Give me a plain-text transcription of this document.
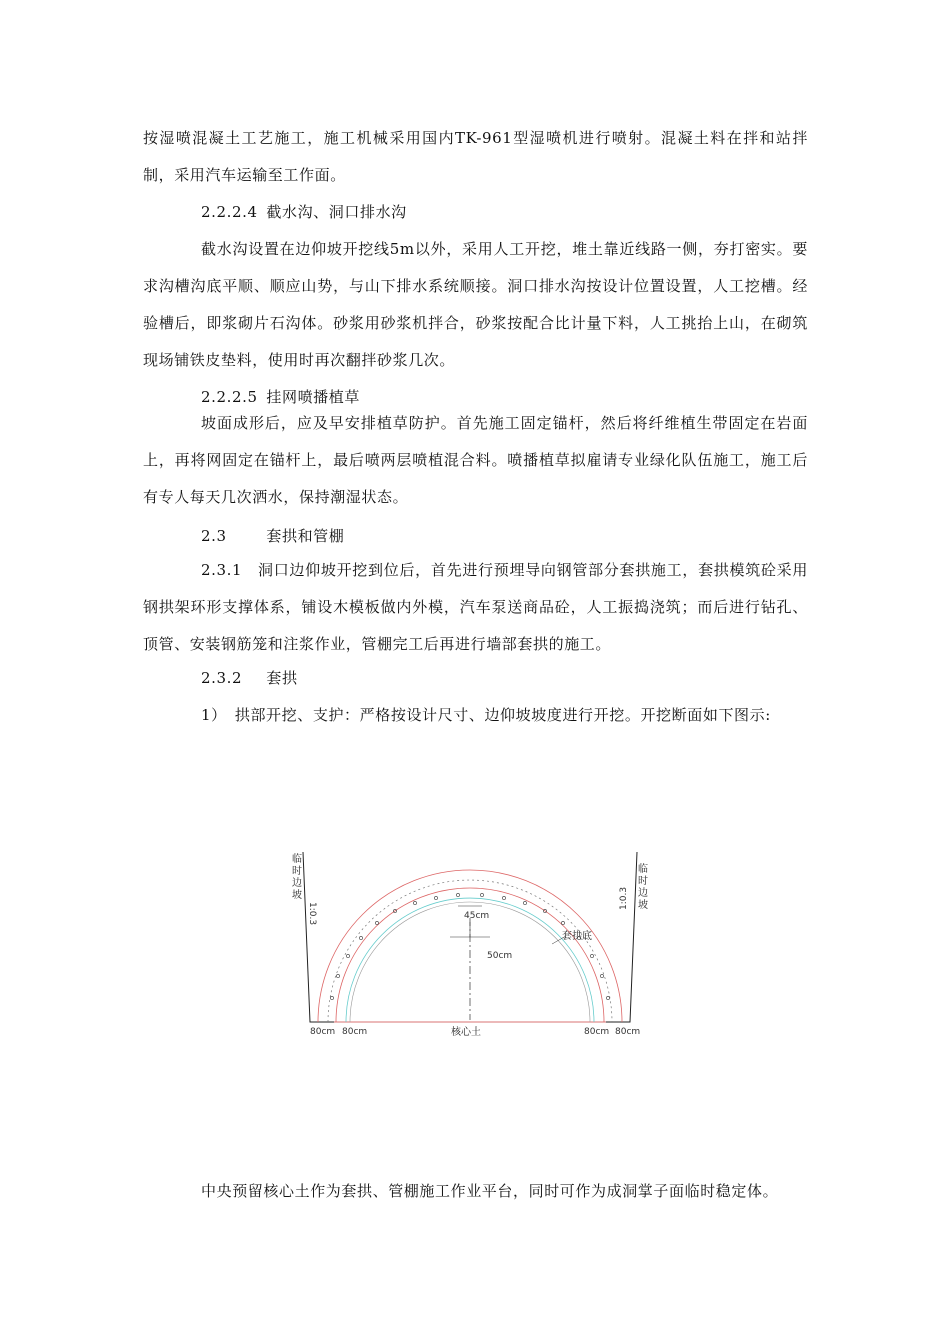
按湿喷混凝土工艺施工，施工机械采用国内TK-961型湿喷机进行喷射。混凝土料在拌和站拌制，采用汽车运输至工作面。

2.2.2.4 截水沟、洞口排水沟

截水沟设置在边仰坡开挖线5m以外，采用人工开挖，堆土靠近线路一侧，夯打密实。要求沟槽沟底平顺、顺应山势，与山下排水系统顺接。洞口排水沟按设计位置设置，人工挖槽。经验槽后，即浆砌片石沟体。砂浆用砂浆机拌合，砂浆按配合比计量下料，人工挑抬上山，在砌筑现场铺铁皮垫料，使用时再次翻拌砂浆几次。

2.2.2.5 挂网喷播植草

坡面成形后，应及早安排植草防护。首先施工固定锚杆，然后将纤维植生带固定在岩面上，再将网固定在锚杆上，最后喷两层喷植混合料。喷播植草拟雇请专业绿化队伍施工，施工后有专人每天几次洒水，保持潮湿状态。

2.3	套拱和管棚

2.3.1　洞口边仰坡开挖到位后，首先进行预埋导向钢管部分套拱施工，套拱模筑砼采用钢拱架环形支撑体系，铺设木模板做内外模，汽车泵送商品砼，人工振捣浇筑；而后进行钻孔、顶管、安装钢筋笼和注浆作业，管棚完工后再进行墙部套拱的施工。

2.3.2 套拱

1）　拱部开挖、支护：严格按设计尺寸、边仰坡坡度进行开挖。开挖断面如下图示:

临
时
边
坡
临
时
边
坡
1:0.3
1:0.3
45cm
50cm
套拱底
核心土
80cm 80cm	80cm 80cm

中央预留核心土作为套拱、管棚施工作业平台，同时可作为成洞掌子面临时稳定体。
